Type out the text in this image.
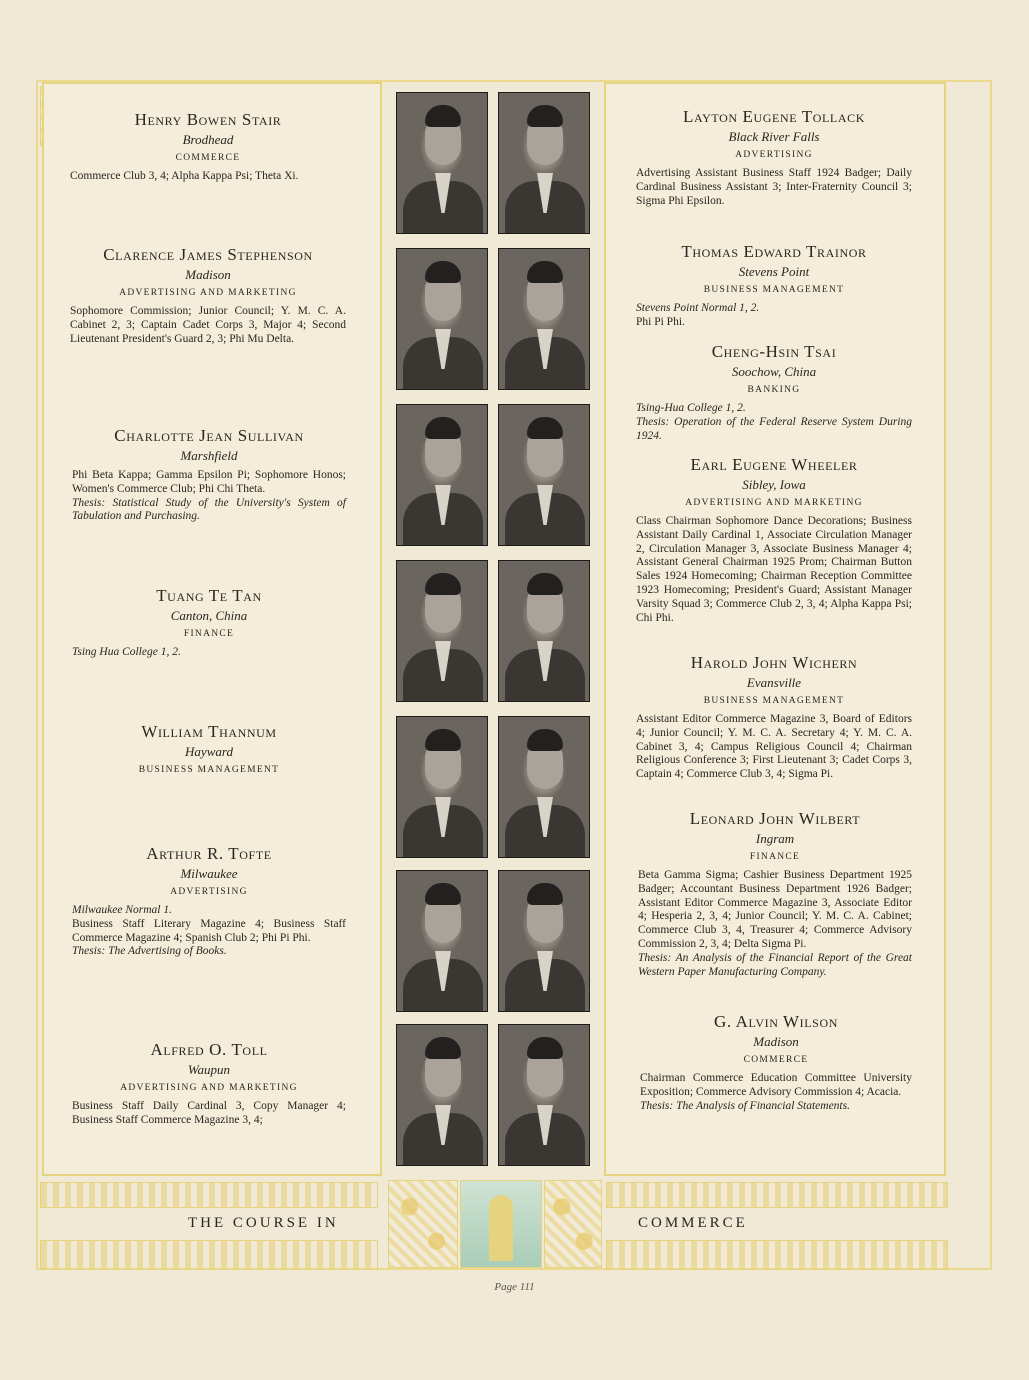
Henry Bowen Stair
Brodhead
COMMERCE
Commerce Club 3, 4; Alpha Kappa Psi; Theta Xi.
Clarence James Stephenson
Madison
ADVERTISING AND MARKETING
Sophomore Commission; Junior Council; Y. M. C. A. Cabinet 2, 3; Captain Cadet Corps 3, Major 4; Second Lieutenant President's Guard 2, 3; Phi Mu Delta.
Charlotte Jean Sullivan
Marshfield
Phi Beta Kappa; Gamma Epsilon Pi; Sophomore Honos; Women's Commerce Club; Phi Chi Theta.
Thesis: Statistical Study of the University's System of Tabulation and Purchasing.
Tuang Te Tan
Canton, China
FINANCE
Tsing Hua College 1, 2.
William Thannum
Hayward
BUSINESS MANAGEMENT
Arthur R. Tofte
Milwaukee
ADVERTISING
Milwaukee Normal 1.
Business Staff Literary Magazine 4; Business Staff Commerce Magazine 4; Spanish Club 2; Phi Pi Phi.
Thesis: The Advertising of Books.
Alfred O. Toll
Waupun
ADVERTISING AND MARKETING
Business Staff Daily Cardinal 3, Copy Manager 4; Business Staff Commerce Magazine 3, 4;
Layton Eugene Tollack
Black River Falls
ADVERTISING
Advertising Assistant Business Staff 1924 Badger; Daily Cardinal Business Assistant 3; Inter-Fraternity Council 3; Sigma Phi Epsilon.
Thomas Edward Trainor
Stevens Point
BUSINESS MANAGEMENT
Stevens Point Normal 1, 2.
Phi Pi Phi.
Cheng-Hsin Tsai
Soochow, China
BANKING
Tsing-Hua College 1, 2.
Thesis: Operation of the Federal Reserve System During 1924.
Earl Eugene Wheeler
Sibley, Iowa
ADVERTISING AND MARKETING
Class Chairman Sophomore Dance Decorations; Business Assistant Daily Cardinal 1, Associate Circulation Manager 2, Circulation Manager 3, Associate Business Manager 4; Assistant General Chairman 1925 Prom; Chairman Button Sales 1924 Homecoming; Chairman Reception Committee 1923 Homecoming; President's Guard; Assistant Manager Varsity Squad 3; Commerce Club 2, 3, 4; Alpha Kappa Psi; Chi Phi.
Harold John Wichern
Evansville
BUSINESS MANAGEMENT
Assistant Editor Commerce Magazine 3, Board of Editors 4; Junior Council; Y. M. C. A. Secretary 4; Y. M. C. A. Cabinet 3, 4; Campus Religious Council 4; Chairman Religious Conference 3; First Lieutenant 3; Cadet Corps 3, Captain 4; Commerce Club 3, 4; Sigma Pi.
Leonard John Wilbert
Ingram
FINANCE
Beta Gamma Sigma; Cashier Business Department 1925 Badger; Accountant Business Department 1926 Badger; Assistant Editor Commerce Magazine 3, Associate Editor 4; Hesperia 2, 3, 4; Junior Council; Y. M. C. A. Cabinet; Commerce Club 3, 4, Treasurer 4; Commerce Advisory Commission 2, 3, 4; Delta Sigma Pi.
Thesis: An Analysis of the Financial Report of the Great Western Paper Manufacturing Company.
G. Alvin Wilson
Madison
COMMERCE
Chairman Commerce Education Committee University Exposition; Commerce Advisory Commission 4; Acacia.
Thesis: The Analysis of Financial Statements.
THE COURSE IN	COMMERCE
Page 111
